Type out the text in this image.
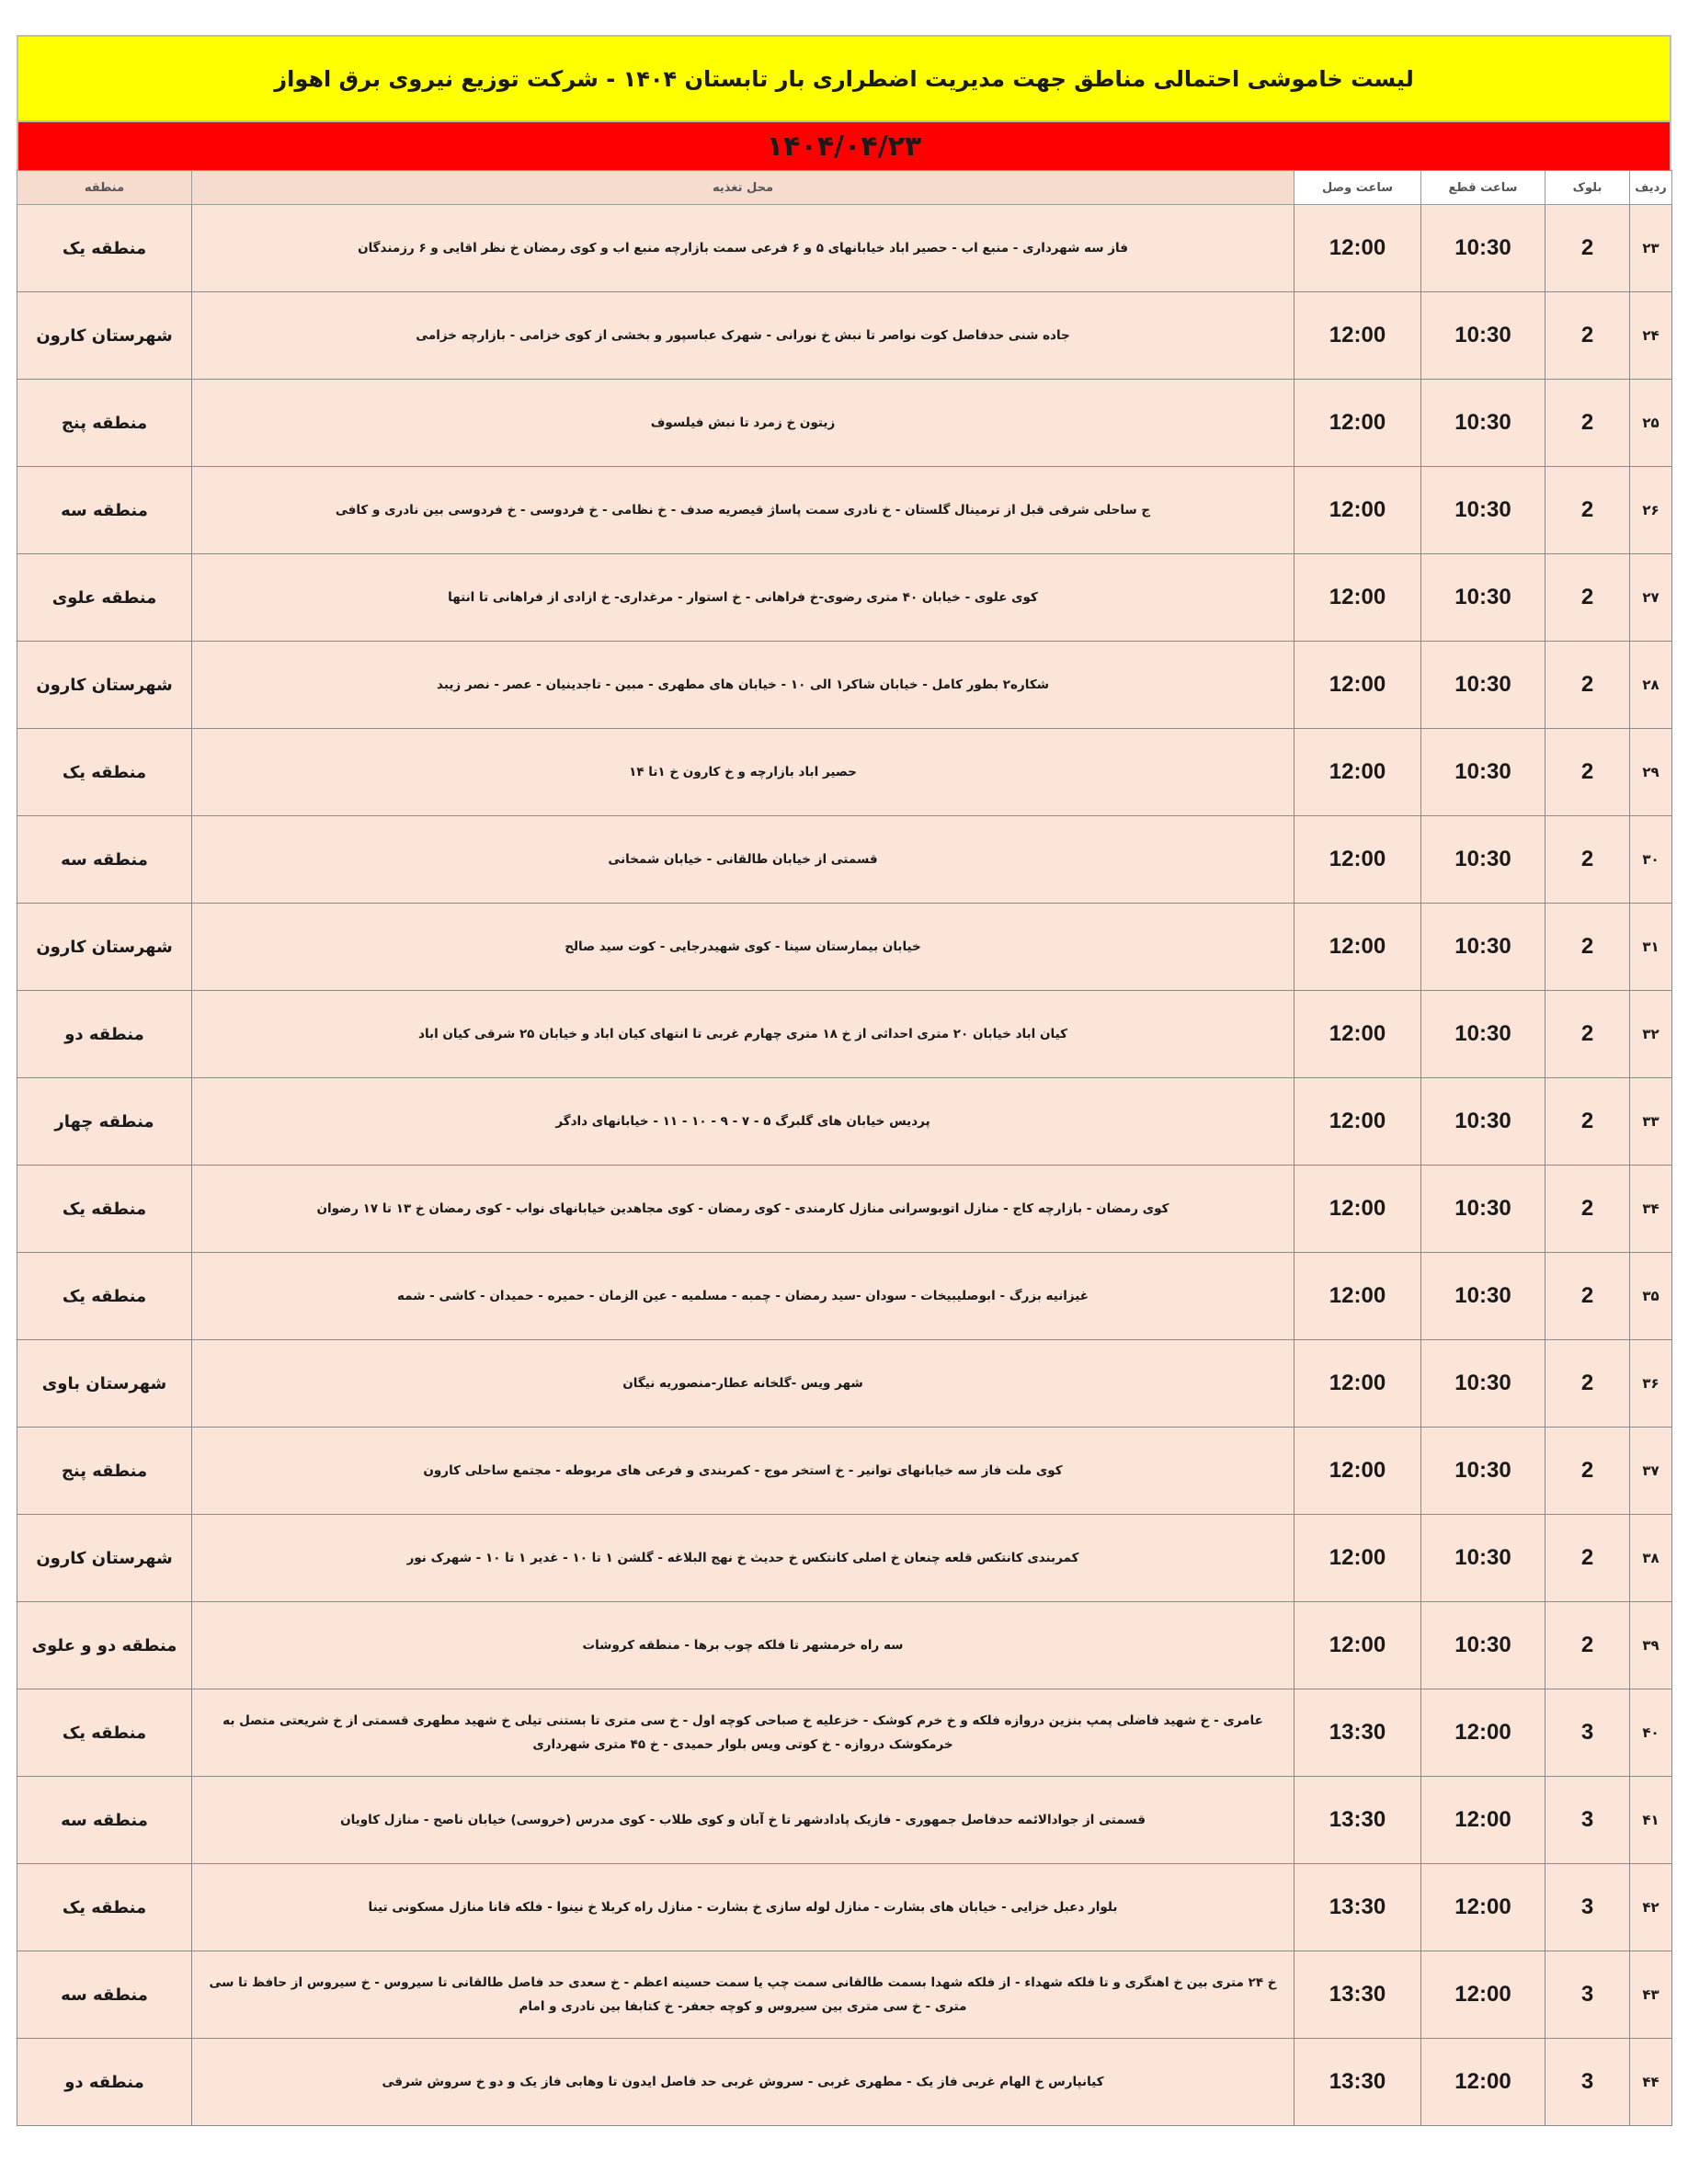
لیست خاموشی احتمالی مناطق جهت مدیریت اضطراری بار تابستان ۱۴۰۴ - شرکت توزیع نیروی برق اهواز
۱۴۰۴/۰۴/۲۳
ردیف	بلوک	ساعت قطع	ساعت وصل	محل تغذیه	منطقه
۲۳	2	10:30	12:00	فاز سه شهرداری - منبع اب - حصیر اباد خیابانهای ۵ و ۶ فرعی سمت بازارچه منبع اب و کوی رمضان خ نظر اقایی و ۶ رزمندگان	منطقه یک
۲۴	2	10:30	12:00	جاده شنی حدفاصل کوت نواصر تا نبش خ نورانی - شهرک عباسپور و بخشی از کوی خزامی - بازارچه خزامی	شهرستان کارون
۲۵	2	10:30	12:00	زیتون خ زمرد تا نبش فیلسوف	منطقه پنج
۲۶	2	10:30	12:00	ج ساحلی شرقی قبل از ترمینال گلستان - خ نادری سمت پاساژ قیصریه صدف - خ نظامی - خ فردوسی - خ فردوسی بین نادری و کافی	منطقه سه
۲۷	2	10:30	12:00	کوی علوی - خیابان ۴۰ متری رضوی-خ فراهانی - خ استوار - مرغداری- خ ازادی از فراهانی تا انتها	منطقه علوی
۲۸	2	10:30	12:00	شکاره۲ بطور کامل - خیابان شاکر۱ الی ۱۰ - خیابان های مطهری - مبین - تاجدینیان - عصر - نصر زیبد	شهرستان کارون
۲۹	2	10:30	12:00	حصیر اباد بازارچه و خ کارون خ ۱تا ۱۴	منطقه یک
۳۰	2	10:30	12:00	قسمتی از خیابان طالقانی - خیابان شمخانی	منطقه سه
۳۱	2	10:30	12:00	خیابان بیمارستان سینا - کوی شهیدرجایی - کوت سید صالح	شهرستان کارون
۳۲	2	10:30	12:00	کیان اباد خیابان ۲۰ متری احداثی از خ ۱۸ متری چهارم غربی تا انتهای کیان اباد و خیابان ۲۵ شرقی کیان اباد	منطقه دو
۳۳	2	10:30	12:00	پردیس خیابان های گلبرگ ۵ - ۷ - ۹ - ۱۰ - ۱۱ - خیابانهای دادگر	منطقه چهار
۳۴	2	10:30	12:00	کوی رمضان - بازارچه کاج - منازل اتوبوسرانی منازل کارمندی - کوی رمضان - کوی مجاهدین خیابانهای نواب - کوی رمضان خ ۱۳ تا ۱۷ رضوان	منطقه یک
۳۵	2	10:30	12:00	غیزانیه بزرگ - ابوصلیبیخات - سودان -سید رمضان - چمبه - مسلمیه - عین الزمان - حمیره - حمیدان - کاشی - شمه	منطقه یک
۳۶	2	10:30	12:00	شهر ویس -گلخانه عطار-منصوریه نیگان	شهرستان باوی
۳۷	2	10:30	12:00	کوی ملت فاز سه خیابانهای توانیر - خ استخر موج - کمربندی و فرعی های مربوطه - مجتمع ساحلی کارون	منطقه پنج
۳۸	2	10:30	12:00	کمربندی کانتکس قلعه چنعان خ اصلی کانتکس خ حدیث خ نهج البلاغه - گلشن ۱ تا ۱۰ - غدیر ۱ تا ۱۰ - شهرک نور	شهرستان کارون
۳۹	2	10:30	12:00	سه راه خرمشهر تا فلکه چوب برها - منطقه کروشات	منطقه دو و علوی
۴۰	3	12:00	13:30	عامری - خ شهید فاضلی پمپ بنزین دروازه فلکه و خ خرم کوشک - خزعلیه خ صباحی کوچه اول - خ سی متری تا بستنی تیلی خ شهید مطهری قسمتی از خ شریعتی متصل به خرمکوشک دروازه - خ کوتی ویس بلوار حمیدی - خ ۴۵ متری شهرداری	منطقه یک
۴۱	3	12:00	13:30	قسمتی از جوادالائمه حدفاصل جمهوری - فازیک پادادشهر تا خ آبان و کوی طلاب - کوی مدرس (خروسی) خیابان ناصح - منازل کاویان	منطقه سه
۴۲	3	12:00	13:30	بلوار دعبل خزایی - خیابان های بشارت - منازل لوله سازی خ بشارت - منازل راه کربلا خ نینوا - فلکه قانا منازل مسکونی تینا	منطقه یک
۴۳	3	12:00	13:30	خ ۲۴ متری بین خ اهنگری و تا فلکه شهداء - از فلکه شهدا بسمت طالقانی سمت چپ یا سمت حسینه اعظم - خ سعدی حد فاصل طالقانی تا سیروس - خ سیروس از حافظ تا سی متری - خ سی متری بین سیروس و کوچه جعفر- خ کتابفا بین نادری و امام	منطقه سه
۴۴	3	12:00	13:30	کیانپارس خ الهام غربی فاز یک - مطهری غربی - سروش غربی حد فاصل ایدون تا وهابی فاز یک و دو خ سروش شرقی	منطقه دو
